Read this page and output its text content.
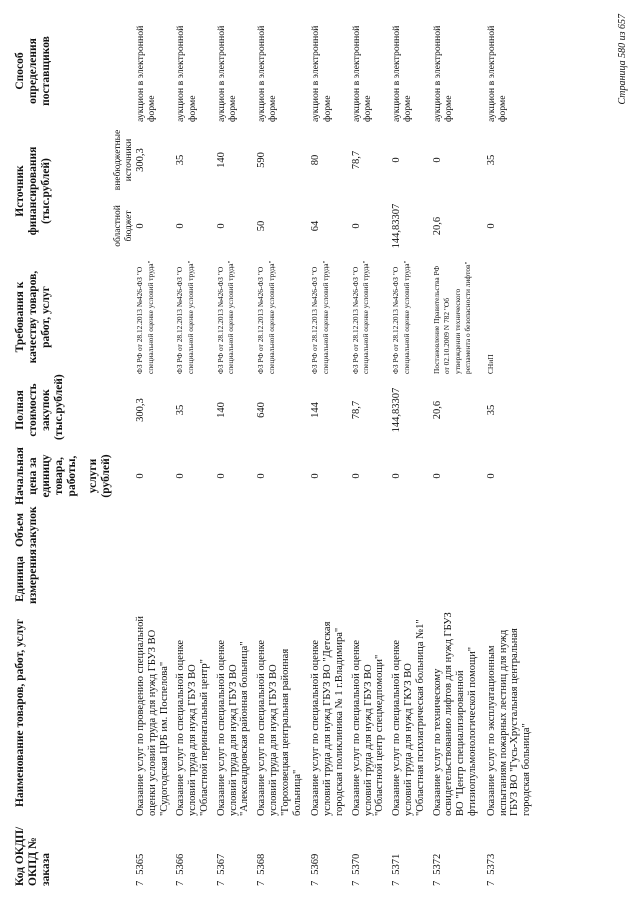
Код ОКДП/ ОКПД № заказа	Наименование товаров, работ, услуг	Единица измерения	Объем закупок	Начальная цена за единицу товара, работы, услуги (рублей)	Полная стоимость закупок (тыс.рублей)	Требования к качеству товаров, работ, услуг	Источник финансирования (тыс.рублей)		Способ определения поставщиков
							областной бюджет	внебюджетные источники	
75365	Оказание услуг по проведению специальной оценки условий труда для нужд ГБУЗ ВО "Судогодская ЦРБ им. Поспелова"			0	300,3	ФЗ РФ от 28.12.2013 №426-ФЗ "О специальной оценке условий труда"	0	300,3	аукцион в электронной форме
75366	Оказание услуг по специальной оценке условий труда для нужд ГБУЗ ВО "Областной перинатальный центр"			0	35	ФЗ РФ от 28.12.2013 №426-ФЗ "О специальной оценке условий труда"	0	35	аукцион в электронной форме
75367	Оказание услуг по специальной оценке условий труда для нужд ГБУЗ ВО "Александровская районная больница"			0	140	ФЗ РФ от 28.12.2013 №426-ФЗ "О специальной оценке условий труда"	0	140	аукцион в электронной форме
75368	Оказание услуг по специальной оценке условий труда для нужд ГБУЗ ВО "Гороховецкая центральная районная больница"			0	640	ФЗ РФ от 28.12.2013 №426-ФЗ "О специальной оценке условий труда"	50	590	аукцион в электронной форме
75369	Оказание услуг по специальной оценке условий труда для нужд ГБУЗ ВО "Детская городская поликлиника № 1 г.Владимира"			0	144	ФЗ РФ от 28.12.2013 №426-ФЗ "О специальной оценке условий труда"	64	80	аукцион в электронной форме
75370	Оказание услуг по специальной оценке условий труда для нужд ГБУЗ ВО "Областной центр спецмедпомощи"			0	78,7	ФЗ РФ от 28.12.2013 №426-ФЗ "О специальной оценке условий труда"	0	78,7	аукцион в электронной форме
75371	Оказание услуг по специальной оценке условий труда для нужд ГКУЗ ВО "Областная психиатрическая больница №1"			0	144,83307	ФЗ РФ от 28.12.2013 №426-ФЗ "О специальной оценке условий труда"	144,83307	0	аукцион в электронной форме
75372	Оказание услуг по техническому освидетельствованию лифтов для нужд ГБУЗ ВО "Центр специализированной фтизиопульмонологической помощи"			0	20,6	Постановление Правительства РФ от 02.10.2009 N 782 "Об утверждении технического регламента о безопасности лифтов"	20,6	0	аукцион в электронной форме
75373	Оказание услуг по эксплуатационным испытаниям пожарных лестниц для нужд ГБУЗ ВО "Гусь-Хрустальная центральная городская больница"			0	35	СНиП	0	35	аукцион в электронной форме
Страница 580 из 657
